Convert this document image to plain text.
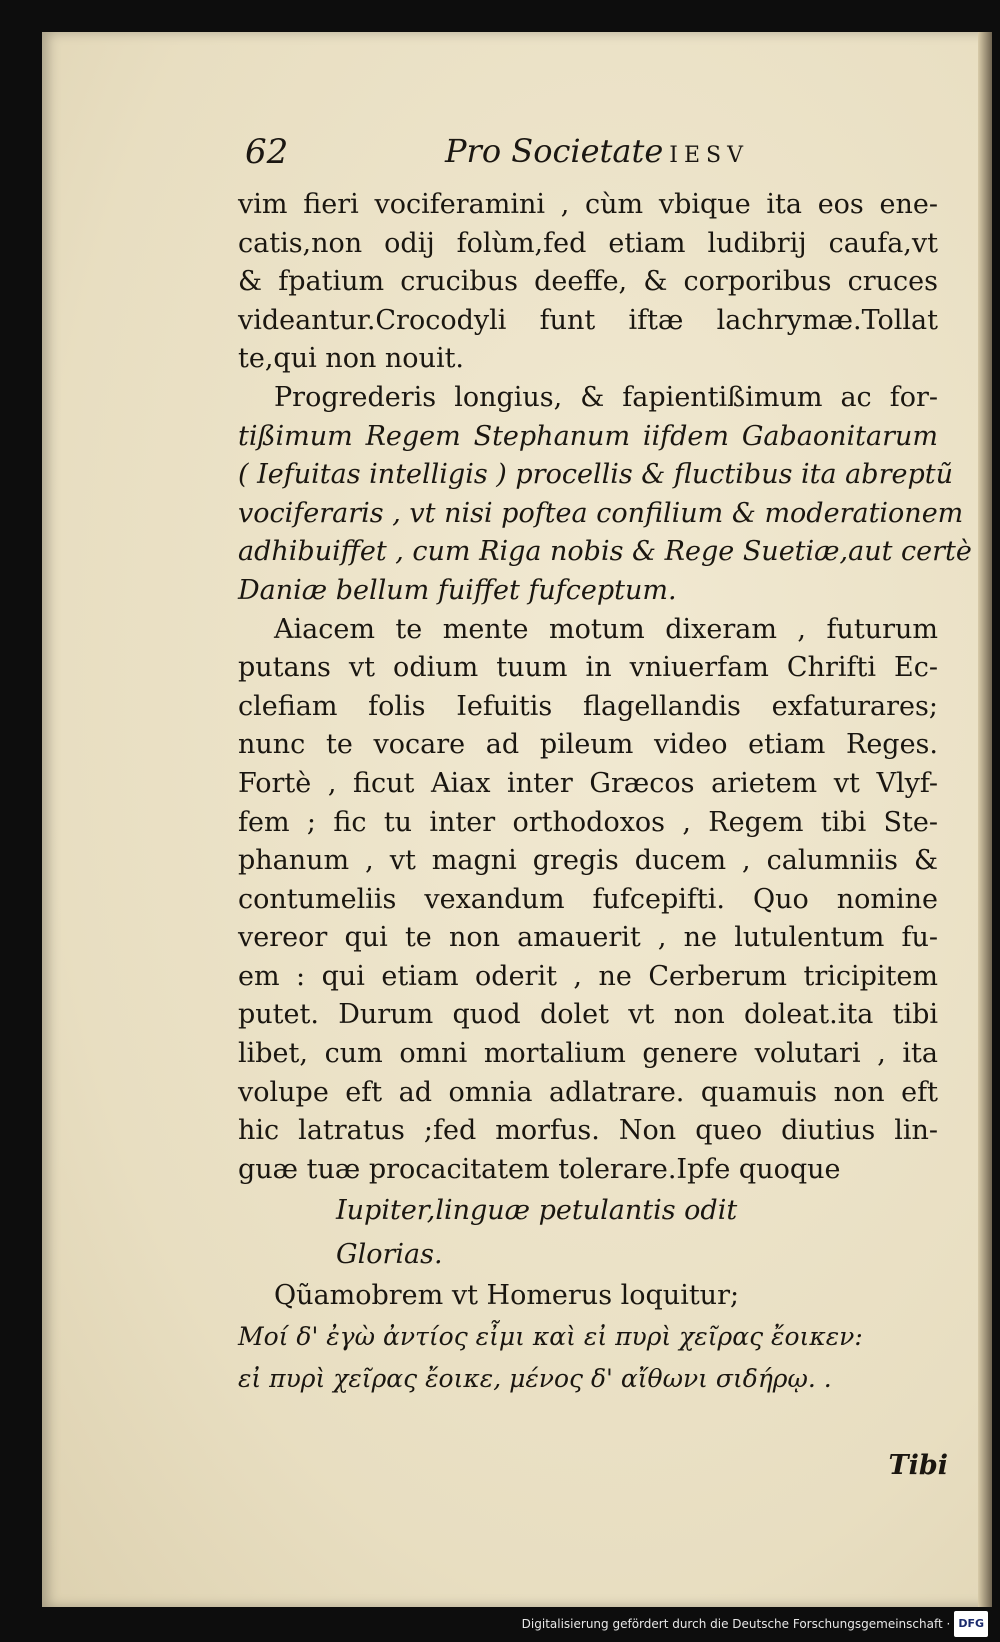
62	Pro Societate IESV
vim fieri vociferamini , cùm vbique ita eos ene-
catis,non odij folùm,fed etiam ludibrij caufa,vt
& fpatium crucibus deeffe, & corporibus cruces
videantur.Crocodyli funt iftæ lachrymæ.Tollat
te,qui non nouit.
Progrederis longius, & fapientißimum ac for-
tißimum Regem Stephanum iifdem Gabaonitarum
( Iefuitas intelligis ) procellis & fluctibus ita abreptũ
vociferaris , vt nisi poftea confilium & moderationem
adhibuiffet , cum Riga nobis & Rege Suetiæ,aut certè
Daniæ bellum fuiffet fufceptum.
Aiacem te mente motum dixeram , futurum
putans vt odium tuum in vniuerfam Chrifti Ec-
clefiam folis Iefuitis flagellandis exfaturares;
nunc te vocare ad pileum video etiam Reges.
Fortè , ficut Aiax inter Græcos arietem vt Vlyf-
fem ; fic tu inter orthodoxos , Regem tibi Ste-
phanum , vt magni gregis ducem , calumniis &
contumeliis vexandum fufcepifti. Quo nomine
vereor qui te non amauerit , ne lutulentum fu-
em : qui etiam oderit , ne Cerberum tricipitem
putet. Durum quod dolet vt non doleat.ita tibi
libet, cum omni mortalium genere volutari , ita
volupe eft ad omnia adlatrare. quamuis non eft
hic latratus ;fed morfus. Non queo diutius lin-
guæ tuæ procacitatem tolerare.Ipfe quoque
Iupiter,linguæ petulantis odit
Glorias.
Qũamobrem vt Homerus loquitur;
Μοί δ' ἐγὼ ἀντίος εἶμι καὶ εἰ πυρὶ χεῖρας ἔοικεν:
εἰ πυρὶ χεῖρας ἔοικε, μένος δ' αἴθωνι σιδήρῳ. .
Tibi
Digitalisierung gefördert durch die Deutsche Forschungsgemeinschaft · DFG
